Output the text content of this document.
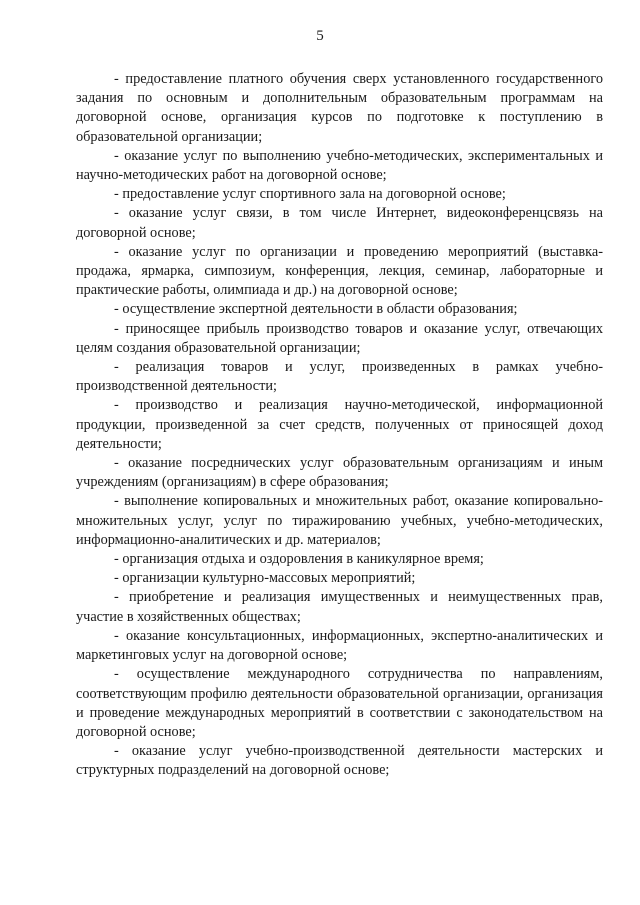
5

- предоставление платного обучения сверх установленного государственного задания по основным и дополнительным образовательным программам на договорной основе, организация курсов по подготовке к поступлению в образовательной организации;

- оказание услуг по выполнению учебно-методических, экспериментальных и научно-методических работ на договорной основе;

- предоставление услуг спортивного зала на договорной основе;

- оказание услуг связи, в том числе Интернет, видеоконференцсвязь на договорной основе;

- оказание услуг по организации и проведению мероприятий (выставка-продажа, ярмарка, симпозиум, конференция, лекция, семинар, лабораторные и практические работы, олимпиада и др.) на договорной основе;

- осуществление экспертной деятельности в области образования;

- приносящее прибыль производство товаров и оказание услуг, отвечающих целям создания образовательной организации;

- реализация товаров и услуг, произведенных в рамках учебно-производственной деятельности;

- производство и реализация научно-методической, информационной продукции, произведенной за счет средств, полученных от приносящей доход деятельности;

- оказание посреднических услуг образовательным организациям и иным учреждениям (организациям) в сфере образования;

- выполнение копировальных и множительных работ, оказание копировально-множительных услуг, услуг по тиражированию учебных, учебно-методических, информационно-аналитических и др. материалов;

- организация отдыха и оздоровления в каникулярное время;

- организации культурно-массовых мероприятий;

- приобретение и реализация имущественных и неимущественных прав, участие в хозяйственных обществах;

- оказание консультационных, информационных, экспертно-аналитических и маркетинговых услуг на договорной основе;

- осуществление международного сотрудничества по направлениям, соответствующим профилю деятельности образовательной организации, организация и проведение международных мероприятий в соответствии с законодательством на договорной основе;

- оказание услуг учебно-производственной деятельности мастерских и структурных подразделений на договорной основе;
